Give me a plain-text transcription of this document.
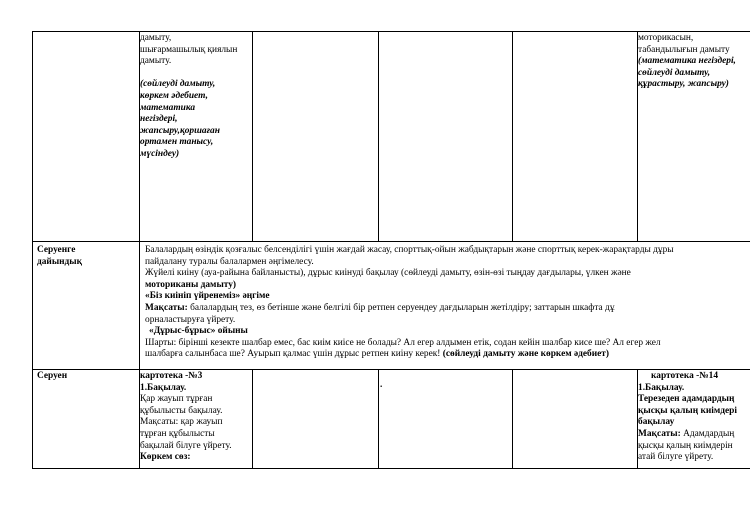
дамыту,
шығармашылық қиялын
дамыту.
(сөйлеуді дамыту,
көркем әдебиет,
математика
негіздері,
жапсыру,қоршаған
ортамен танысу,
мүсіндеу)
моторикасын,
табандылығын дамыту
(математика негіздері,
сөйлеуді дамыту,
құрастыру, жапсыру)
Серуенге
дайындық
Балалардың өзіндік қозғалыс белсенділігі үшін жағдай жасау, спорттық-ойын жабдықтарын және спорттық керек-жарақтарды дұры
пайдалану туралы балалармен әңгімелесу.
Жүйелі киіну (ауа-райына байланысты), дұрыс киінуді бақылау (сөйлеуді дамыту, өзін-өзі тыңдау дағдылары, үлкен және
моториканы дамыту)
«Біз киініп үйренеміз» әңгіме
Мақсаты: балалардың тез, өз бетінше және белгілі бір ретпен серуендеу дағдыларын жетілдіру; заттарын шкафта дұ
орналастыруға үйрету.
«Дұрыс-бұрыс» ойыны
Шарты: бірінші кезекте шалбар емес, бас киім киісе не болады? Ал егер алдымен етік, содан кейін шалбар кисе ше? Ал егер жел
шалбарға салынбаса ше? Ауырып қалмас үшін дұрыс ретпен киіну керек! (сөйлеуді дамыту және көркем әдебиет)
Серуен	картотека -№3
1.Бақылау.
Қар жауып тұрған
құбылысты бақылау.
Мақсаты: қар жауып
тұрған құбылысты
бақылай білуге үйрету.
Көркем сөз:
.
картотека -№14
1.Бақылау.
Терезеден адамдардың
қысқы қалың киімдері
бақылау
Мақсаты: Адамдардың
қысқы қалың киімдерін
атай білуге үйрету.
